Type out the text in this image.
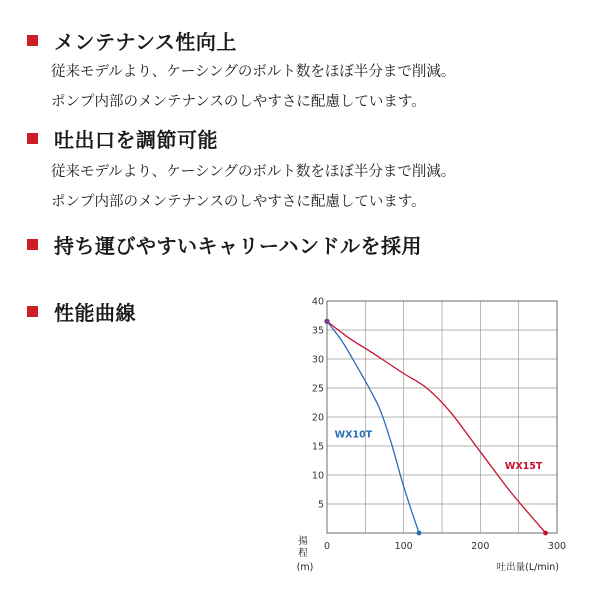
メンテナンス性向上
従来モデルより、ケーシングのボルト数をほぼ半分まで削減。
ポンプ内部のメンテナンスのしやすさに配慮しています。
吐出口を調節可能
従来モデルより、ケーシングのボルト数をほぼ半分まで削減。
ポンプ内部のメンテナンスのしやすさに配慮しています。
持ち運びやすいキャリーハンドルを採用
性能曲線
5
10
15
20
25
30
35
40
0	100	200	300
揚
程
(m)	吐出量(L/min)
WX10T
WX15T
